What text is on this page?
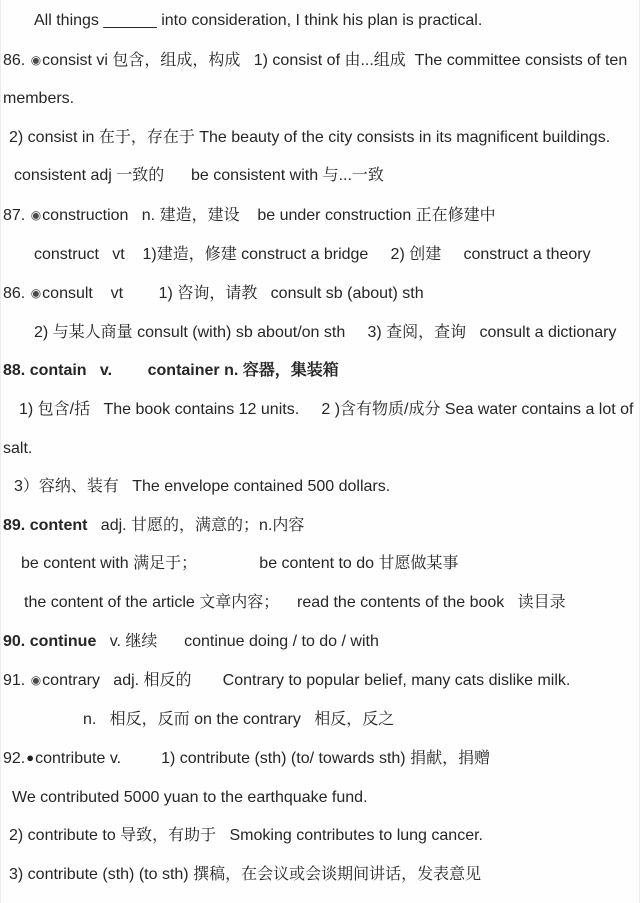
All things ______ into consideration, I think his plan is practical.

86. ◉consist vi 包含，组成，构成   1) consist of 由...组成  The committee consists of ten

members.

2) consist in 在于，存在于 The beauty of the city consists in its magnificent buildings.

consistent adj 一致的      be consistent with 与...一致

87. ◉construction   n. 建造，建设    be under construction 正在修建中

construct   vt    1)建造，修建 construct a bridge     2) 创建     construct a theory

86. ◉consult    vt        1) 咨询，请教   consult sb (about) sth

2) 与某人商量 consult (with) sb about/on sth     3) 查阅，查询   consult a dictionary

88. contain   v.        container n. 容器，集装箱

1) 包含/括   The book contains 12 units.     2 )含有物质/成分 Sea water contains a lot of

salt.

3）容纳、装有   The envelope contained 500 dollars.

89. content   adj. 甘愿的，满意的；n.内容

be content with 满足于；              be content to do 甘愿做某事

the content of the article 文章内容；    read the contents of the book   读目录

90. continue   v. 继续      continue doing / to do / with

91. ◉contrary   adj. 相反的       Contrary to popular belief, many cats dislike milk.

n.   相反，反而 on the contrary   相反，反之

92.●contribute v.         1) contribute (sth) (to/ towards sth) 捐献，捐赠

We contributed 5000 yuan to the earthquake fund.

2) contribute to 导致，有助于   Smoking contributes to lung cancer.

3) contribute (sth) (to sth) 撰稿，在会议或会谈期间讲话，发表意见
